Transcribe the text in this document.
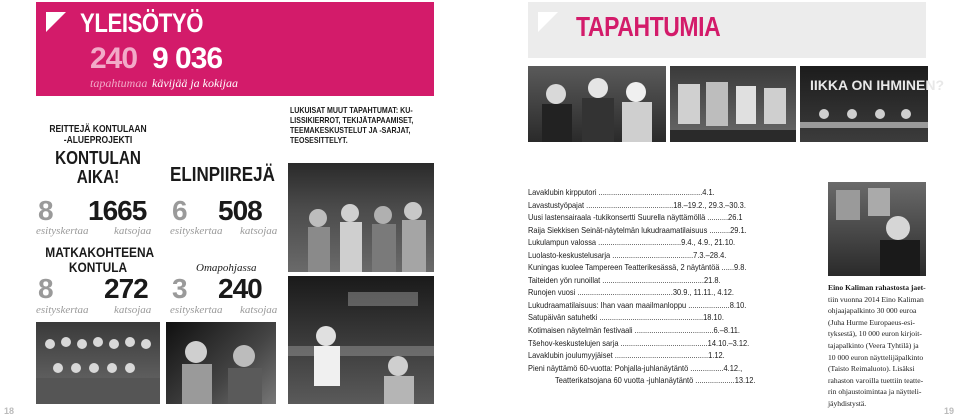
YLEISÖTYÖ
240 9 036
tapahtumaa kävijää ja kokijaa
REITTEJÄ KONTULAAN
-ALUEPROJEKTI
KONTULAN
AIKA!
8 1665
esityskertaa katsojaa
MATKAKOHTEENA
KONTULA
8 272
esityskertaa katsojaa
ELINPIIREJÄ
6 508
esityskertaa katsojaa
Omapohjassa
3 240
esityskertaa katsojaa
LUKUISAT MUUT TAPAHTUMAT: KU-
LISSIKIERROT, TEKIJÄTAPAAMISET,
TEEMAKESKUSTELUT JA -SARJAT,
TEOSESITTELYT.
18
TAPAHTUMIA
IIKKA ON IHMINEN?
Lavaklubin kirpputori ..................................................4.1.
Lavastustyöpajat ..........................................18.–19.2., 29.3.–30.3.
Uusi lastensairaala -tukikonsertti Suurella näyttämöllä ..........26.1
Raija Siekkisen Seinät-näytelmän lukudraamatilaisuus ..........29.1.
Lukulampun valossa ........................................9.4., 4.9., 21.10.
Luolasto-keskustelusarja .......................................7.3.–28.4.
Kuningas kuolee Tampereen Teatterikesässä, 2 näytäntöä ......9.8.
Taiteiden yön runoillat .................................................21.8.
Runojen vuosi ..............................................30.9., 11.11., 4.12.
Lukudraamatilaisuus: Ihan vaan maailmanloppu ....................8.10.
Satupäivän satuhetki ..................................................18.10.
Kotimaisen näytelmän festivaali ......................................6.–8.11.
Tšehov-keskustelujen sarja ..........................................14.10.–3.12.
Lavaklubin joulumyyjäiset .............................................1.12.
Pieni näyttämö 60-vuotta: Pohjalla-juhlanäytäntö ................4.12.,
Teatterikatsojana 60 vuotta -juhlanäytäntö ...................13.12.
Eino Kaliman rahastosta jaet-
tiin vuonna 2014 Eino Kaliman
ohjaajapalkinto 30 000 euroa
(Juha Hurme Europaeus-esi-
tyksestä), 10 000 euron kirjoit-
tajapalkinto (Veera Tyhtilä) ja
10 000 euron näyttelijäpalkinto
(Taisto Reimaluoto). Lisäksi
rahaston varoilla tuettiin teatte-
rin ohjaustoimintaa ja näytteli-
jäyhdistystä.
19
